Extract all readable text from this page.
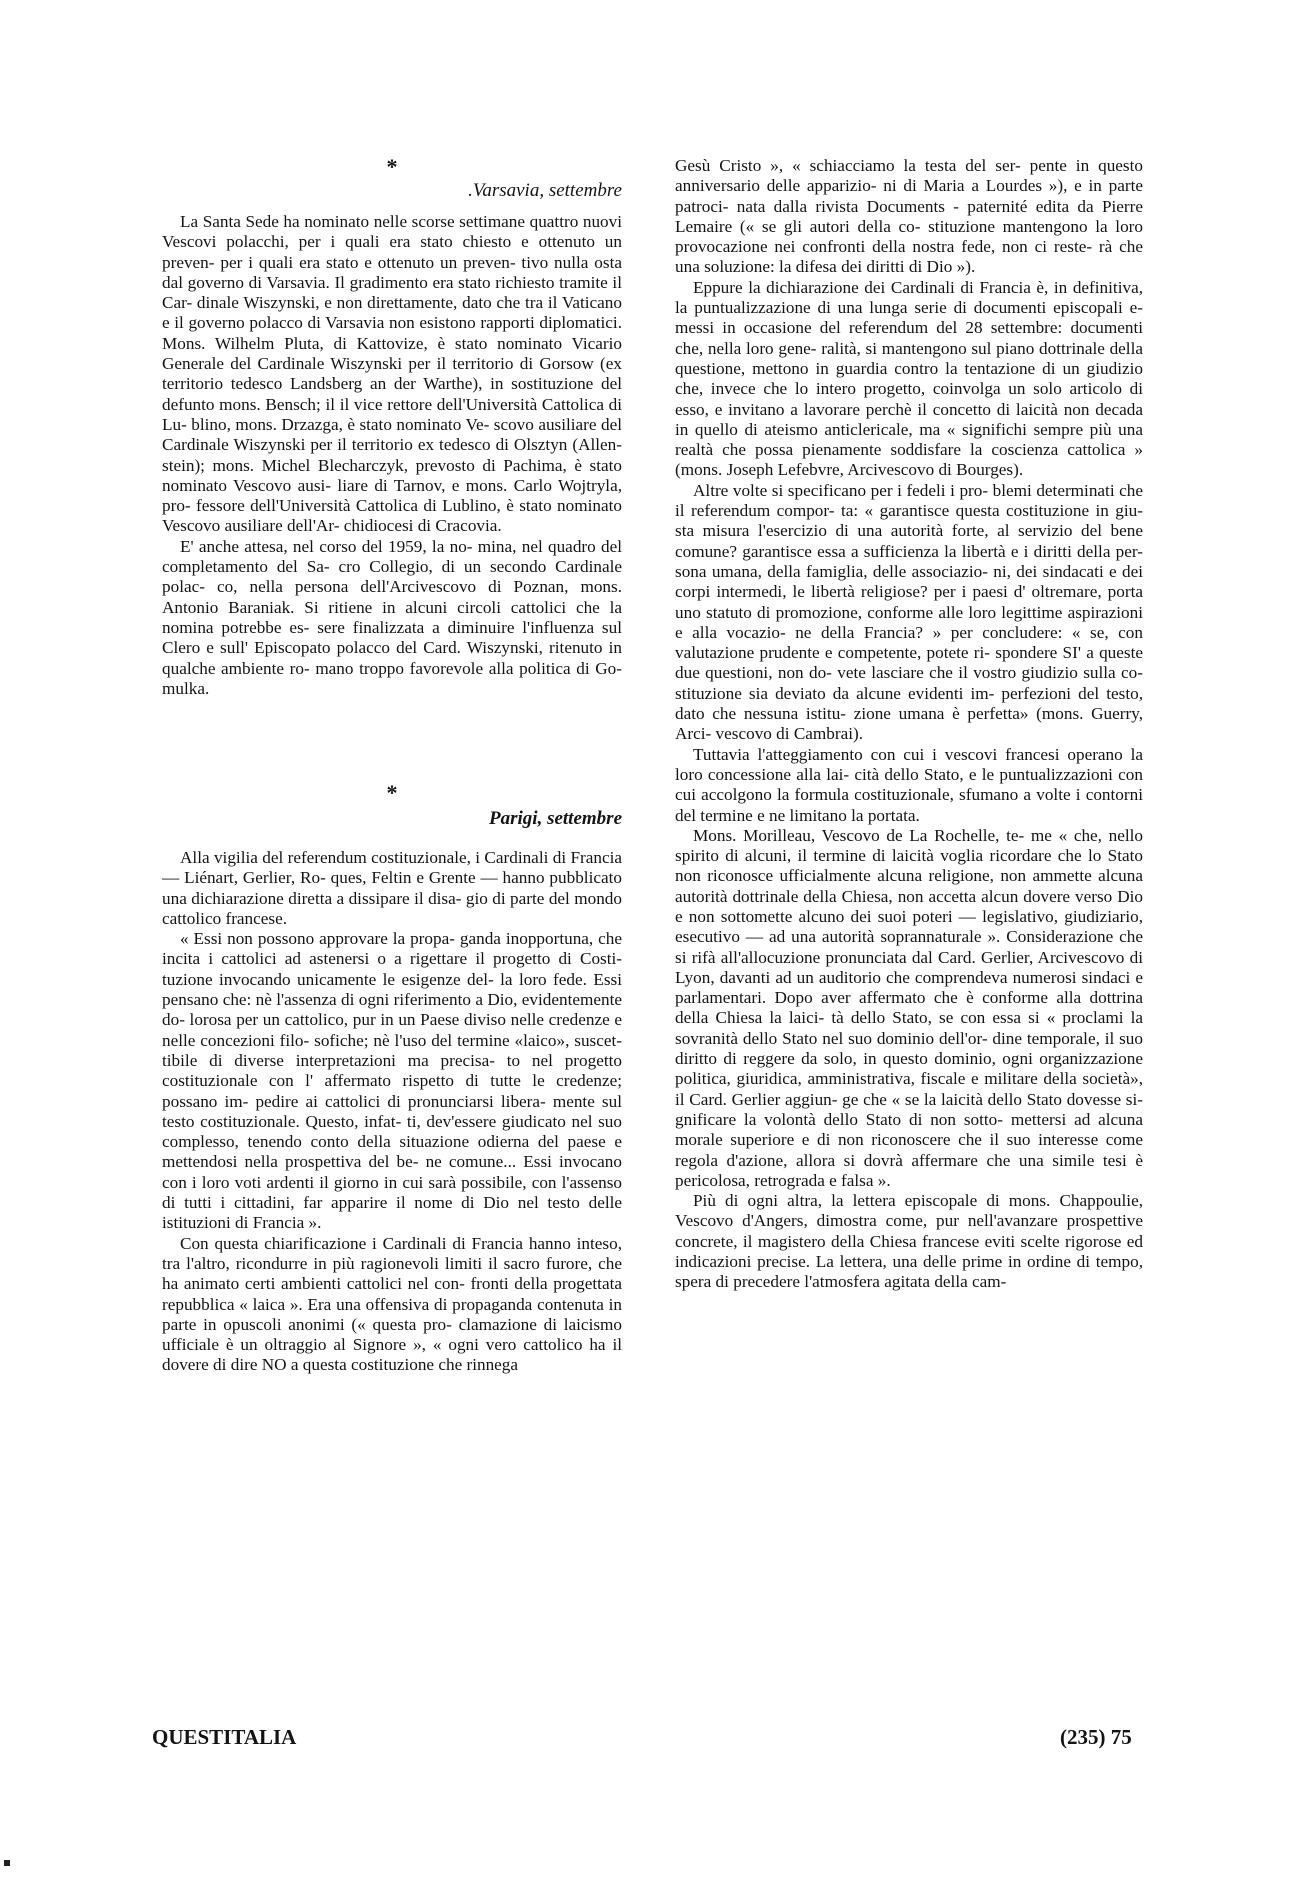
*
.Varsavia, settembre

La Santa Sede ha nominato nelle scorse settimane quattro nuovi Vescovi polacchi, per i quali era stato chiesto e ottenuto un preven- per i quali era stato e ottenuto un preven- tivo nulla osta dal governo di Varsavia. Il gradimento era stato richiesto tramite il Car- dinale Wiszynski, e non direttamente, dato che tra il Vaticano e il governo polacco di Varsavia non esistono rapporti diplomatici. Mons. Wilhelm Pluta, di Kattovize, è stato nominato Vicario Generale del Cardinale Wiszynski per il territorio di Gorsow (ex territorio tedesco Landsberg an der Warthe), in sostituzione del defunto mons. Bensch; il il vice rettore dell'Università Cattolica di Lu- blino, mons. Drzazga, è stato nominato Ve- scovo ausiliare del Cardinale Wiszynski per il territorio ex tedesco di Olsztyn (Allen- stein); mons. Michel Blecharczyk, prevosto di Pachima, è stato nominato Vescovo ausi- liare di Tarnov, e mons. Carlo Wojtryla, pro- fessore dell'Università Cattolica di Lublino, è stato nominato Vescovo ausiliare dell'Ar- chidiocesi di Cracovia.

E' anche attesa, nel corso del 1959, la no- mina, nel quadro del completamento del Sa- cro Collegio, di un secondo Cardinale polac- co, nella persona dell'Arcivescovo di Poznan, mons. Antonio Baraniak. Si ritiene in alcuni circoli cattolici che la nomina potrebbe es- sere finalizzata a diminuire l'influenza sul Clero e sull' Episcopato polacco del Card. Wiszynski, ritenuto in qualche ambiente ro- mano troppo favorevole alla politica di Go- mulka.

*
Parigi, settembre

Alla vigilia del referendum costituzionale, i Cardinali di Francia — Liénart, Gerlier, Ro- ques, Feltin e Grente — hanno pubblicato una dichiarazione diretta a dissipare il disa- gio di parte del mondo cattolico francese.

« Essi non possono approvare la propa- ganda inopportuna, che incita i cattolici ad astenersi o a rigettare il progetto di Costi- tuzione invocando unicamente le esigenze del- la loro fede. Essi pensano che: nè l'assenza di ogni riferimento a Dio, evidentemente do- lorosa per un cattolico, pur in un Paese diviso nelle credenze e nelle concezioni filo- sofiche; nè l'uso del termine «laico», suscet- tibile di diverse interpretazioni ma precisa- to nel progetto costituzionale con l' affermato rispetto di tutte le credenze; possano im- pedire ai cattolici di pronunciarsi libera- mente sul testo costituzionale. Questo, infat- ti, dev'essere giudicato nel suo complesso, tenendo conto della situazione odierna del paese e mettendosi nella prospettiva del be- ne comune... Essi invocano con i loro voti ardenti il giorno in cui sarà possibile, con l'assenso di tutti i cittadini, far apparire il nome di Dio nel testo delle istituzioni di Francia ».

Con questa chiarificazione i Cardinali di Francia hanno inteso, tra l'altro, ricondurre in più ragionevoli limiti il sacro furore, che ha animato certi ambienti cattolici nel con- fronti della progettata repubblica « laica ». Era una offensiva di propaganda contenuta in parte in opuscoli anonimi (« questa pro- clamazione di laicismo ufficiale è un oltraggio al Signore », « ogni vero cattolico ha il dovere di dire NO a questa costituzione che rinnega

Gesù Cristo », « schiacciamo la testa del ser- pente in questo anniversario delle apparizio- ni di Maria a Lourdes »), e in parte patroci- nata dalla rivista Documents - paternité edita da Pierre Lemaire (« se gli autori della co- stituzione mantengono la loro provocazione nei confronti della nostra fede, non ci reste- rà che una soluzione: la difesa dei diritti di Dio »).

Eppure la dichiarazione dei Cardinali di Francia è, in definitiva, la puntualizzazione di una lunga serie di documenti episcopali e- messi in occasione del referendum del 28 settembre: documenti che, nella loro gene- ralità, si mantengono sul piano dottrinale della questione, mettono in guardia contro la tentazione di un giudizio che, invece che lo intero progetto, coinvolga un solo articolo di esso, e invitano a lavorare perchè il concetto di laicità non decada in quello di ateismo anticlericale, ma « significhi sempre più una realtà che possa pienamente soddisfare la coscienza cattolica » (mons. Joseph Lefebvre, Arcivescovo di Bourges).

Altre volte si specificano per i fedeli i pro- blemi determinati che il referendum compor- ta: « garantisce questa costituzione in giu- sta misura l'esercizio di una autorità forte, al servizio del bene comune? garantisce essa a sufficienza la libertà e i diritti della per- sona umana, della famiglia, delle associazio- ni, dei sindacati e dei corpi intermedi, le libertà religiose? per i paesi d' oltremare, porta uno statuto di promozione, conforme alle loro legittime aspirazioni e alla vocazio- ne della Francia? » per concludere: « se, con valutazione prudente e competente, potete ri- spondere SI' a queste due questioni, non do- vete lasciare che il vostro giudizio sulla co- stituzione sia deviato da alcune evidenti im- perfezioni del testo, dato che nessuna istitu- zione umana è perfetta» (mons. Guerry, Arci- vescovo di Cambrai).

Tuttavia l'atteggiamento con cui i vescovi francesi operano la loro concessione alla lai- cità dello Stato, e le puntualizzazioni con cui accolgono la formula costituzionale, sfumano a volte i contorni del termine e ne limitano la portata.

Mons. Morilleau, Vescovo de La Rochelle, te- me « che, nello spirito di alcuni, il termine di laicità voglia ricordare che lo Stato non riconosce ufficialmente alcuna religione, non ammette alcuna autorità dottrinale della Chiesa, non accetta alcun dovere verso Dio e non sottomette alcuno dei suoi poteri — legislativo, giudiziario, esecutivo — ad una autorità soprannaturale ». Considerazione che si rifà all'allocuzione pronunciata dal Card. Gerlier, Arcivescovo di Lyon, davanti ad un auditorio che comprendeva numerosi sindaci e parlamentari. Dopo aver affermato che è conforme alla dottrina della Chiesa la laici- tà dello Stato, se con essa si « proclami la sovranità dello Stato nel suo dominio dell'or- dine temporale, il suo diritto di reggere da solo, in questo dominio, ogni organizzazione politica, giuridica, amministrativa, fiscale e militare della società», il Card. Gerlier aggiun- ge che « se la laicità dello Stato dovesse si- gnificare la volontà dello Stato di non sotto- mettersi ad alcuna morale superiore e di non riconoscere che il suo interesse come regola d'azione, allora si dovrà affermare che una simile tesi è pericolosa, retrograda e falsa ».

Più di ogni altra, la lettera episcopale di mons. Chappoulie, Vescovo d'Angers, dimostra come, pur nell'avanzare prospettive concrete, il magistero della Chiesa francese eviti scelte rigorose ed indicazioni precise. La lettera, una delle prime in ordine di tempo, spera di precedere l'atmosfera agitata della cam-

QUESTITALIA	(235) 75
